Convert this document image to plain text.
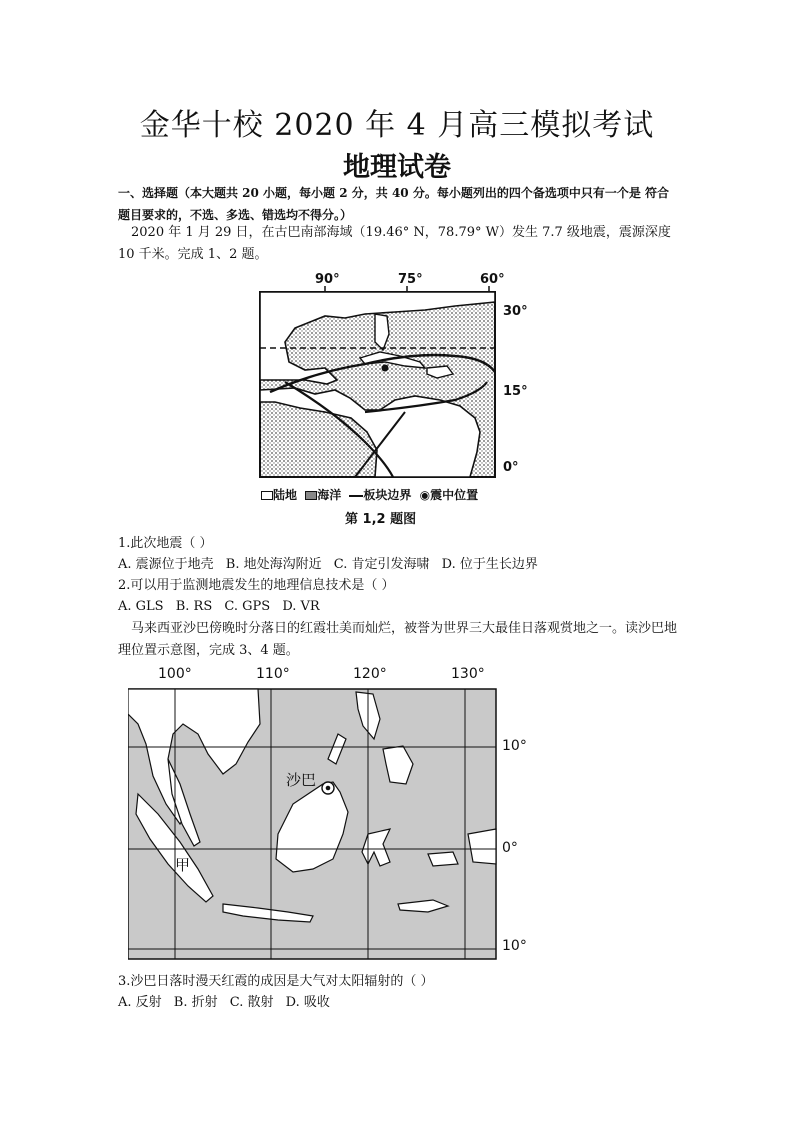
金华十校 2020 年 4 月高三模拟考试
地理试卷
一、选择题（本大题共 20 小题，每小题 2 分，共 40 分。每小题列出的四个备选项中只有一个是 符合题目要求的，不选、多选、错选均不得分。）
2020 年 1 月 29 日，在古巴南部海域（19.46° N，78.79° W）发生 7.7 级地震，震源深度 10 千米。完成 1、2 题。
90°	75°	60°
30°
15°
0°
陆地 海洋 板块边界 ◉震中位置
第 1,2 题图
1.此次地震（ ）
A. 震源位于地壳 B. 地处海沟附近 C. 肯定引发海啸 D. 位于生长边界
2.可以用于监测地震发生的地理信息技术是（ ）
A. GLS B. RS C. GPS D. VR
马来西亚沙巴傍晚时分落日的红霞壮美而灿烂，被誉为世界三大最佳日落观赏地之一。读沙巴地理位置示意图，完成 3、4 题。
100°	110°	120°	130°
10°
0°
10°
沙巴
甲
3.沙巴日落时漫天红霞的成因是大气对太阳辐射的（ ）
A. 反射 B. 折射 C. 散射 D. 吸收
